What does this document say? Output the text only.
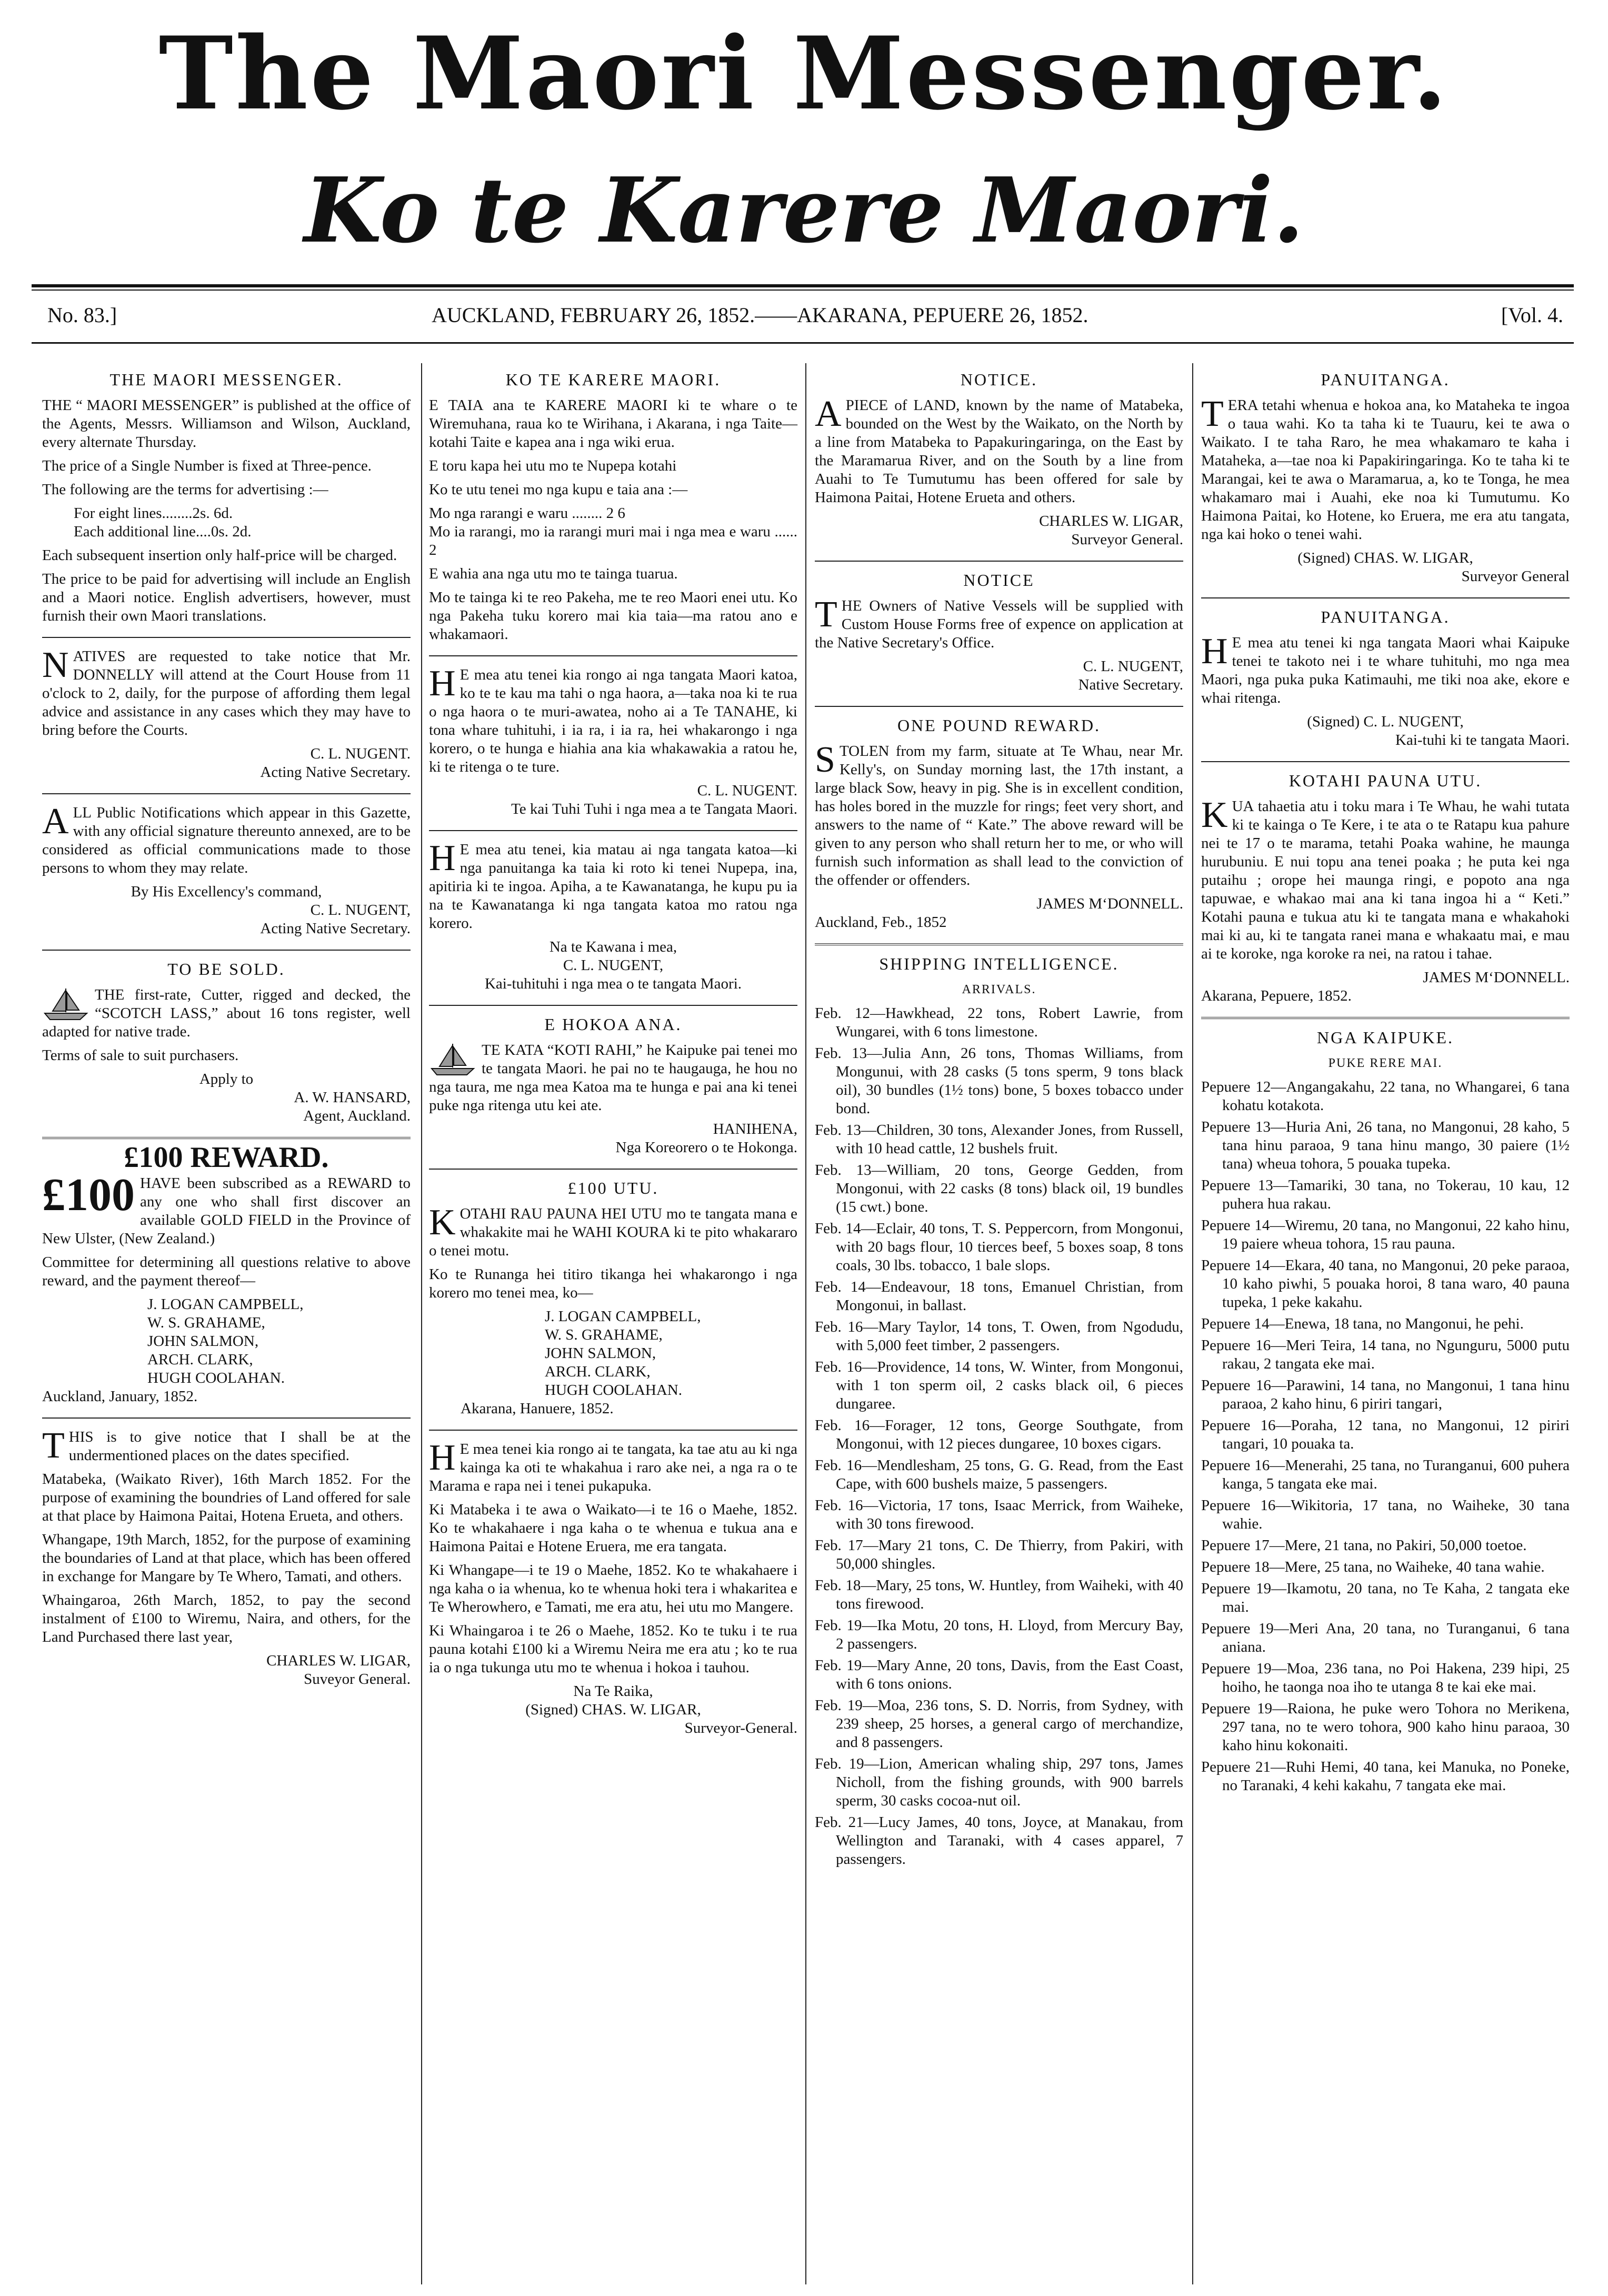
The Maori Messenger.
Ko te Karere Maori.
No. 83.]	AUCKLAND, FEBRUARY 26, 1852.——AKARANA, PEPUERE 26, 1852.	[Vol. 4.
THE MAORI MESSENGER.

THE “ MAORI MESSENGER” is published at the office of the Agents, Messrs. Williamson and Wilson, Auckland, every alternate Thursday.

The price of a Single Number is fixed at Three-pence.

The following are the terms for advertising :—

For eight lines........2s. 6d.

Each additional line....0s. 2d.

Each subsequent insertion only half-price will be charged.

The price to be paid for advertising will include an English and a Maori notice. English advertisers, however, must furnish their own Maori translations.

NATIVES are requested to take notice that Mr. DONNELLY will attend at the Court House from 11 o'clock to 2, daily, for the purpose of affording them legal advice and assistance in any cases which they may have to bring before the Courts.

C. L. NUGENT.

Acting Native Secretary.

ALL Public Notifications which appear in this Gazette, with any official signature thereunto annexed, are to be considered as official communications made to those persons to whom they may relate.

By His Excellency's command,

C. L. NUGENT,

Acting Native Secretary.

TO BE SOLD.

THE first-rate, Cutter, rigged and decked, the “SCOTCH LASS,” about 16 tons register, well adapted for native trade.

Terms of sale to suit purchasers.

Apply to

A. W. HANSARD,

Agent, Auckland.

£100 REWARD.
£100 HAVE been subscribed as a REWARD to any one who shall first discover an available GOLD FIELD in the Province of New Ulster, (New Zealand.)

Committee for determining all questions relative to above reward, and the payment thereof—

J. LOGAN CAMPBELL,
W. S. GRAHAME,
JOHN SALMON,
ARCH. CLARK,
HUGH COOLAHAN.

Auckland, January, 1852.

THIS is to give notice that I shall be at the undermentioned places on the dates specified.

Matabeka, (Waikato River), 16th March 1852. For the purpose of examining the boundries of Land offered for sale at that place by Haimona Paitai, Hotena Erueta, and others.

Whangape, 19th March, 1852, for the purpose of examining the boundaries of Land at that place, which has been offered in exchange for Mangare by Te Whero, Tamati, and others.

Whaingaroa, 26th March, 1852, to pay the second instalment of £100 to Wiremu, Naira, and others, for the Land Purchased there last year,

CHARLES W. LIGAR,

Suveyor General.

KO TE KARERE MAORI.

E TAIA ana te KARERE MAORI ki te whare o te Wiremuhana, raua ko te Wirihana, i Akarana, i nga Taite—kotahi Taite e kapea ana i nga wiki erua.

E toru kapa hei utu mo te Nupepa kotahi

Ko te utu tenei mo nga kupu e taia ana :—

Mo nga rarangi e waru ........ 2 6

Mo ia rarangi, mo ia rarangi muri mai i nga mea e waru ...... 2

E wahia ana nga utu mo te tainga tuarua.

Mo te tainga ki te reo Pakeha, me te reo Maori enei utu. Ko nga Pakeha tuku korero mai kia taia—ma ratou ano e whakamaori.

HE mea atu tenei kia rongo ai nga tangata Maori katoa, ko te te kau ma tahi o nga haora, a—taka noa ki te rua o nga haora o te muri-awatea, noho ai a Te TANAHE, ki tona whare tuhituhi, i ia ra, i ia ra, hei whakarongo i nga korero, o te hunga e hiahia ana kia whakawakia a ratou he, ki te ritenga o te ture.

C. L. NUGENT.

Te kai Tuhi Tuhi i nga mea a te Tangata Maori.

HE mea atu tenei, kia matau ai nga tangata katoa—ki nga panuitanga ka taia ki roto ki tenei Nupepa, ina, apitiria ki te ingoa. Apiha, a te Kawanatanga, he kupu pu ia na te Kawanatanga ki nga tangata katoa mo ratou nga korero.

Na te Kawana i mea,

C. L. NUGENT,

Kai-tuhituhi i nga mea o te tangata Maori.

E HOKOA ANA.

TE KATA “KOTI RAHI,” he Kaipuke pai tenei mo te tangata Maori. he pai no te haugauga, he hou no nga taura, me nga mea Katoa ma te hunga e pai ana ki tenei puke nga ritenga utu kei ate.

HANIHENA,

Nga Koreorero o te Hokonga.

£100 UTU.

KOTAHI RAU PAUNA HEI UTU mo te tangata mana e whakakite mai he WAHI KOURA ki te pito whakararo o tenei motu.

Ko te Runanga hei titiro tikanga hei whakarongo i nga korero mo tenei mea, ko—

J. LOGAN CAMPBELL,
W. S. GRAHAME,
JOHN SALMON,
ARCH. CLARK,
HUGH COOLAHAN.

Akarana, Hanuere, 1852.

HE mea tenei kia rongo ai te tangata, ka tae atu au ki nga kainga ka oti te whakahua i raro ake nei, a nga ra o te Marama e rapa nei i tenei pukapuka.

Ki Matabeka i te awa o Waikato—i te 16 o Maehe, 1852. Ko te whakahaere i nga kaha o te whenua e tukua ana e Haimona Paitai e Hotene Eruera, me era tangata.

Ki Whangape—i te 19 o Maehe, 1852. Ko te whakahaere i nga kaha o ia whenua, ko te whenua hoki tera i whakaritea e Te Wherowhero, e Tamati, me era atu, hei utu mo Mangere.

Ki Whaingaroa i te 26 o Maehe, 1852. Ko te tuku i te rua pauna kotahi £100 ki a Wiremu Neira me era atu ; ko te rua ia o nga tukunga utu mo te whenua i hokoa i tauhou.

Na Te Raika,

(Signed) CHAS. W. LIGAR,

Surveyor-General.

NOTICE.

APIECE of LAND, known by the name of Matabeka, bounded on the West by the Waikato, on the North by a line from Matabeka to Papakuringaringa, on the East by the Maramarua River, and on the South by a line from Auahi to Te Tumutumu has been offered for sale by Haimona Paitai, Hotene Erueta and others.

CHARLES W. LIGAR,

Surveyor General.

NOTICE

THE Owners of Native Vessels will be supplied with Custom House Forms free of expence on application at the Native Secretary's Office.

C. L. NUGENT,

Native Secretary.

ONE POUND REWARD.

STOLEN from my farm, situate at Te Whau, near Mr. Kelly's, on Sunday morning last, the 17th instant, a large black Sow, heavy in pig. She is in excellent condition, has holes bored in the muzzle for rings; feet very short, and answers to the name of “ Kate.” The above reward will be given to any person who shall return her to me, or who will furnish such information as shall lead to the conviction of the offender or offenders.

JAMES M‘DONNELL.

Auckland, Feb., 1852

SHIPPING INTELLIGENCE.
ARRIVALS.

Feb. 12—Hawkhead, 22 tons, Robert Lawrie, from Wungarei, with 6 tons limestone.

Feb. 13—Julia Ann, 26 tons, Thomas Williams, from Mongunui, with 28 casks (5 tons sperm, 9 tons black oil), 30 bundles (1½ tons) bone, 5 boxes tobacco under bond.

Feb. 13—Children, 30 tons, Alexander Jones, from Russell, with 10 head cattle, 12 bushels fruit.

Feb. 13—William, 20 tons, George Gedden, from Mongonui, with 22 casks (8 tons) black oil, 19 bundles (15 cwt.) bone.

Feb. 14—Eclair, 40 tons, T. S. Peppercorn, from Mongonui, with 20 bags flour, 10 tierces beef, 5 boxes soap, 8 tons coals, 30 lbs. tobacco, 1 bale slops.

Feb. 14—Endeavour, 18 tons, Emanuel Christian, from Mongonui, in ballast.

Feb. 16—Mary Taylor, 14 tons, T. Owen, from Ngodudu, with 5,000 feet timber, 2 passengers.

Feb. 16—Providence, 14 tons, W. Winter, from Mongonui, with 1 ton sperm oil, 2 casks black oil, 6 pieces dungaree.

Feb. 16—Forager, 12 tons, George Southgate, from Mongonui, with 12 pieces dungaree, 10 boxes cigars.

Feb. 16—Mendlesham, 25 tons, G. G. Read, from the East Cape, with 600 bushels maize, 5 passengers.

Feb. 16—Victoria, 17 tons, Isaac Merrick, from Waiheke, with 30 tons firewood.

Feb. 17—Mary 21 tons, C. De Thierry, from Pakiri, with 50,000 shingles.

Feb. 18—Mary, 25 tons, W. Huntley, from Waiheki, with 40 tons firewood.

Feb. 19—Ika Motu, 20 tons, H. Lloyd, from Mercury Bay, 2 passengers.

Feb. 19—Mary Anne, 20 tons, Davis, from the East Coast, with 6 tons onions.

Feb. 19—Moa, 236 tons, S. D. Norris, from Sydney, with 239 sheep, 25 horses, a general cargo of merchandize, and 8 passengers.

Feb. 19—Lion, American whaling ship, 297 tons, James Nicholl, from the fishing grounds, with 900 barrels sperm, 30 casks cocoa-nut oil.

Feb. 21—Lucy James, 40 tons, Joyce, at Manakau, from Wellington and Taranaki, with 4 cases apparel, 7 passengers.

PANUITANGA.

TERA tetahi whenua e hokoa ana, ko Mataheka te ingoa o taua wahi. Ko ta taha ki te Tuauru, kei te awa o Waikato. I te taha Raro, he mea whakamaro te kaha i Mataheka, a—tae noa ki Papakiringaringa. Ko te taha ki te Marangai, kei te awa o Maramarua, a, ko te Tonga, he mea whakamaro mai i Auahi, eke noa ki Tumutumu. Ko Haimona Paitai, ko Hotene, ko Eruera, me era atu tangata, nga kai hoko o tenei wahi.

(Signed) CHAS. W. LIGAR,

Surveyor General

PANUITANGA.

HE mea atu tenei ki nga tangata Maori whai Kaipuke tenei te takoto nei i te whare tuhituhi, mo nga mea Maori, nga puka puka Katimauhi, me tiki noa ake, ekore e whai ritenga.

(Signed) C. L. NUGENT,

Kai-tuhi ki te tangata Maori.

KOTAHI PAUNA UTU.

KUA tahaetia atu i toku mara i Te Whau, he wahi tutata ki te kainga o Te Kere, i te ata o te Ratapu kua pahure nei te 17 o te marama, tetahi Poaka wahine, he maunga hurubuniu. E nui topu ana tenei poaka ; he puta kei nga putaihu ; orope hei maunga ringi, e popoto ana nga tapuwae, e whakao mai ana ki tana ingoa hi a “ Keti.” Kotahi pauna e tukua atu ki te tangata mana e whakahoki mai ki au, ki te tangata ranei mana e whakaatu mai, e mau ai te koroke, nga koroke ra nei, na ratou i tahae.

JAMES M‘DONNELL.

Akarana, Pepuere, 1852.

NGA KAIPUKE.
PUKE RERE MAI.

Pepuere 12—Angangakahu, 22 tana, no Whangarei, 6 tana kohatu kotakota.

Pepuere 13—Huria Ani, 26 tana, no Mangonui, 28 kaho, 5 tana hinu paraoa, 9 tana hinu mango, 30 paiere (1½ tana) wheua tohora, 5 pouaka tupeka.

Pepuere 13—Tamariki, 30 tana, no Tokerau, 10 kau, 12 puhera hua rakau.

Pepuere 14—Wiremu, 20 tana, no Mangonui, 22 kaho hinu, 19 paiere wheua tohora, 15 rau pauna.

Pepuere 14—Ekara, 40 tana, no Mangonui, 20 peke paraoa, 10 kaho piwhi, 5 pouaka horoi, 8 tana waro, 40 pauna tupeka, 1 peke kakahu.

Pepuere 14—Enewa, 18 tana, no Mangonui, he pehi.

Pepuere 16—Meri Teira, 14 tana, no Ngunguru, 5000 putu rakau, 2 tangata eke mai.

Pepuere 16—Parawini, 14 tana, no Mangonui, 1 tana hinu paraoa, 2 kaho hinu, 6 piriri tangari,

Pepuere 16—Poraha, 12 tana, no Mangonui, 12 piriri tangari, 10 pouaka ta.

Pepuere 16—Menerahi, 25 tana, no Turanganui, 600 puhera kanga, 5 tangata eke mai.

Pepuere 16—Wikitoria, 17 tana, no Waiheke, 30 tana wahie.

Pepuere 17—Mere, 21 tana, no Pakiri, 50,000 toetoe.

Pepuere 18—Mere, 25 tana, no Waiheke, 40 tana wahie.

Pepuere 19—Ikamotu, 20 tana, no Te Kaha, 2 tangata eke mai.

Pepuere 19—Meri Ana, 20 tana, no Turanganui, 6 tana aniana.

Pepuere 19—Moa, 236 tana, no Poi Hakena, 239 hipi, 25 hoiho, he taonga noa iho te utanga 8 te kai eke mai.

Pepuere 19—Raiona, he puke wero Tohora no Merikena, 297 tana, no te wero tohora, 900 kaho hinu paraoa, 30 kaho hinu kokonaiti.

Pepuere 21—Ruhi Hemi, 40 tana, kei Manuka, no Poneke, no Taranaki, 4 kehi kakahu, 7 tangata eke mai.
